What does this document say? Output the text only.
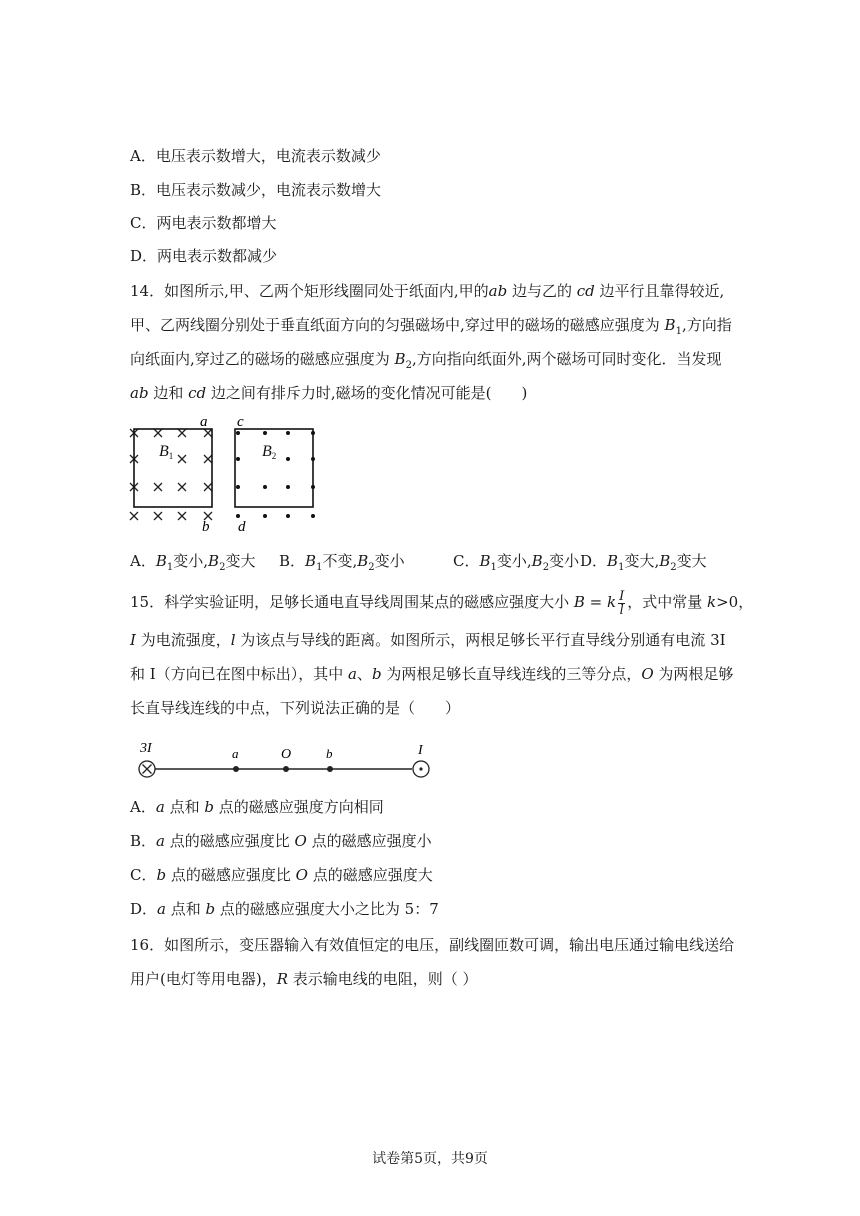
A．电压表示数增大，电流表示数减少
B．电压表示数减少，电流表示数增大
C．两电表示数都增大
D．两电表示数都减少
14．如图所示,甲、乙两个矩形线圈同处于纸面内,甲的ab 边与乙的 cd 边平行且靠得较近,
甲、乙两线圈分别处于垂直纸面方向的匀强磁场中,穿过甲的磁场的磁感应强度为 $B_1$,方向指
向纸面内,穿过乙的磁场的磁感应强度为 $B_2$,方向指向纸面外,两个磁场可同时变化．当发现
ab 边和 cd 边之间有排斥力时,磁场的变化情况可能是(　　)
a
b
c
d
B1	B2
A．$B_1$变小$,B_2$变大 B．$B_1$不变$,B_2$变小	C．$B_1$变小$,B_2$变小D．$B_1$变大$,B_2$变大
15．科学实验证明，足够长通电直导线周围某点的磁感应强度大小 B = k $\frac{I}{l}$ ，式中常量 k>0，
I 为电流强度，l 为该点与导线的距离。如图所示，两根足够长平行直导线分别通有电流 3I
和 I（方向已在图中标出），其中 a、b 为两根足够长直导线连线的三等分点，O 为两根足够
长直导线连线的中点，下列说法正确的是（　　）
3I	a	O	b	I
A．a 点和 b 点的磁感应强度方向相同
B．a 点的磁感应强度比 O 点的磁感应强度小
C．b 点的磁感应强度比 O 点的磁感应强度大
D．a 点和 b 点的磁感应强度大小之比为 5：7
16．如图所示，变压器输入有效值恒定的电压，副线圈匝数可调，输出电压通过输电线送给
用户(电灯等用电器)，R 表示输电线的电阻，则（ ）
试卷第5页，共9页
